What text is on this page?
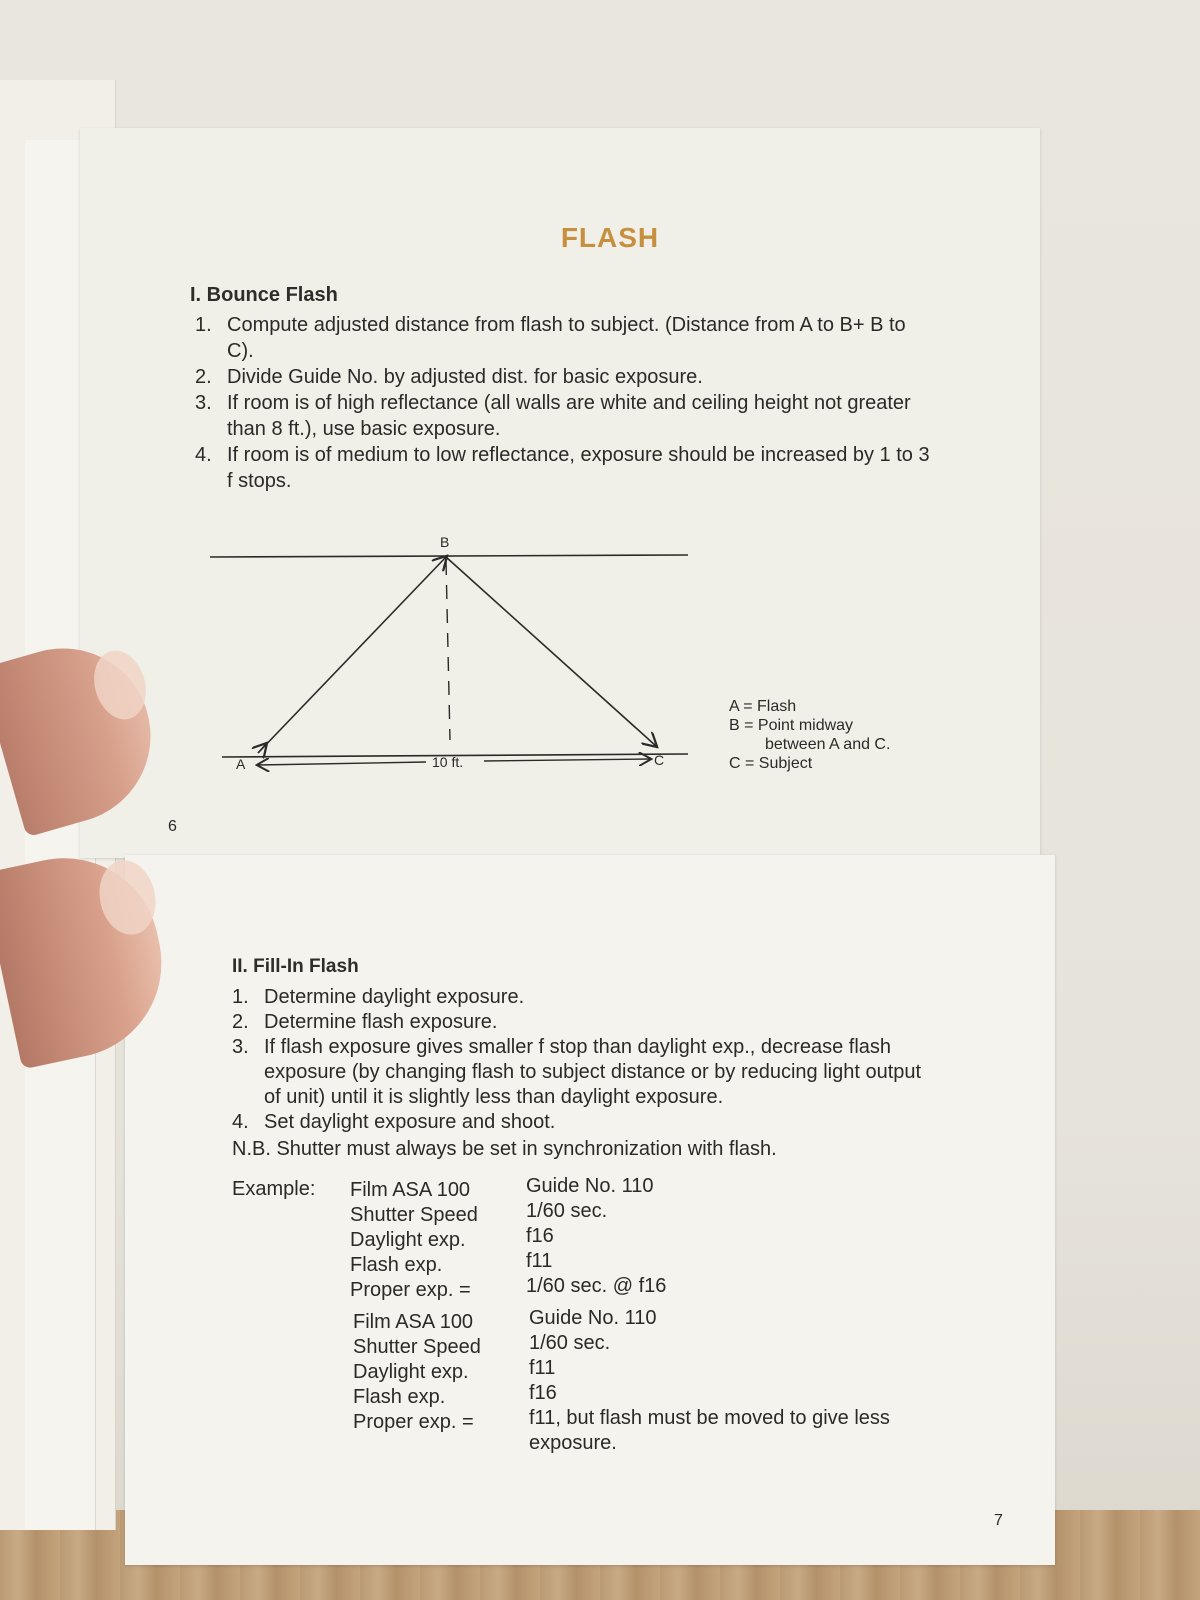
FLASH
I. Bounce Flash
1. Compute adjusted distance from flash to subject. (Distance from A to B+ B to C).
2. Divide Guide No. by adjusted dist. for basic exposure.
3. If room is of high reflectance (all walls are white and ceiling height not greater than 8 ft.), use basic exposure.
4. If room is of medium to low reflectance, exposure should be increased by 1 to 3 f stops.
B
A	C
10 ft.
A = Flash
B = Point midway
between A and C.
C = Subject
6
II. Fill-In Flash
1. Determine daylight exposure.
2. Determine flash exposure.
3. If flash exposure gives smaller f stop than daylight exp., decrease flash exposure (by changing flash to subject distance or by reducing light output of unit) until it is slightly less than daylight exposure.
4. Set daylight exposure and shoot.
N.B. Shutter must always be set in synchronization with flash.
Example: Film ASA 100
Shutter Speed
Daylight exp.
Flash exp.
Proper exp. =
Guide No. 110
1/60 sec.
f16
f11
1/60 sec. @ f16
Film ASA 100
Shutter Speed
Daylight exp.
Flash exp.
Proper exp. =
Guide No. 110
1/60 sec.
f11
f16
f11, but flash must be moved to give less exposure.
7
